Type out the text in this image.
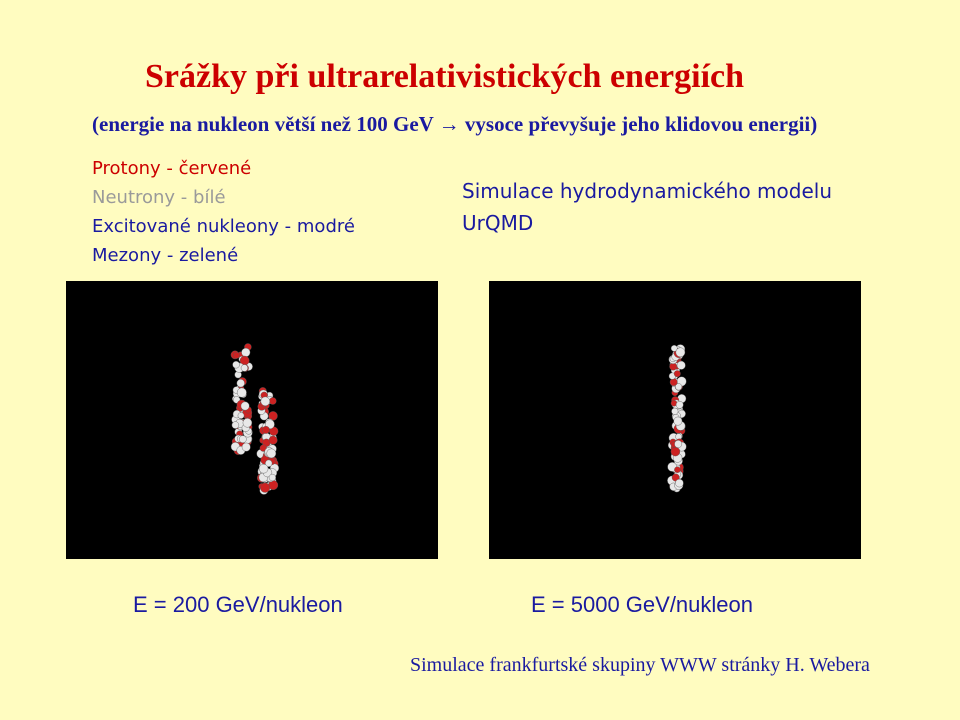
Srážky při ultrarelativistických energiích
(energie na nukleon větší než 100 GeV → vysoce převyšuje jeho klidovou energii)
Protony - červené
Neutrony - bílé
Excitované nukleony - modré
Mezony - zelené
Simulace hydrodynamického modelu
UrQMD
E = 200 GeV/nukleon	E = 5000 GeV/nukleon
Simulace frankfurtské skupiny WWW stránky H. Webera
